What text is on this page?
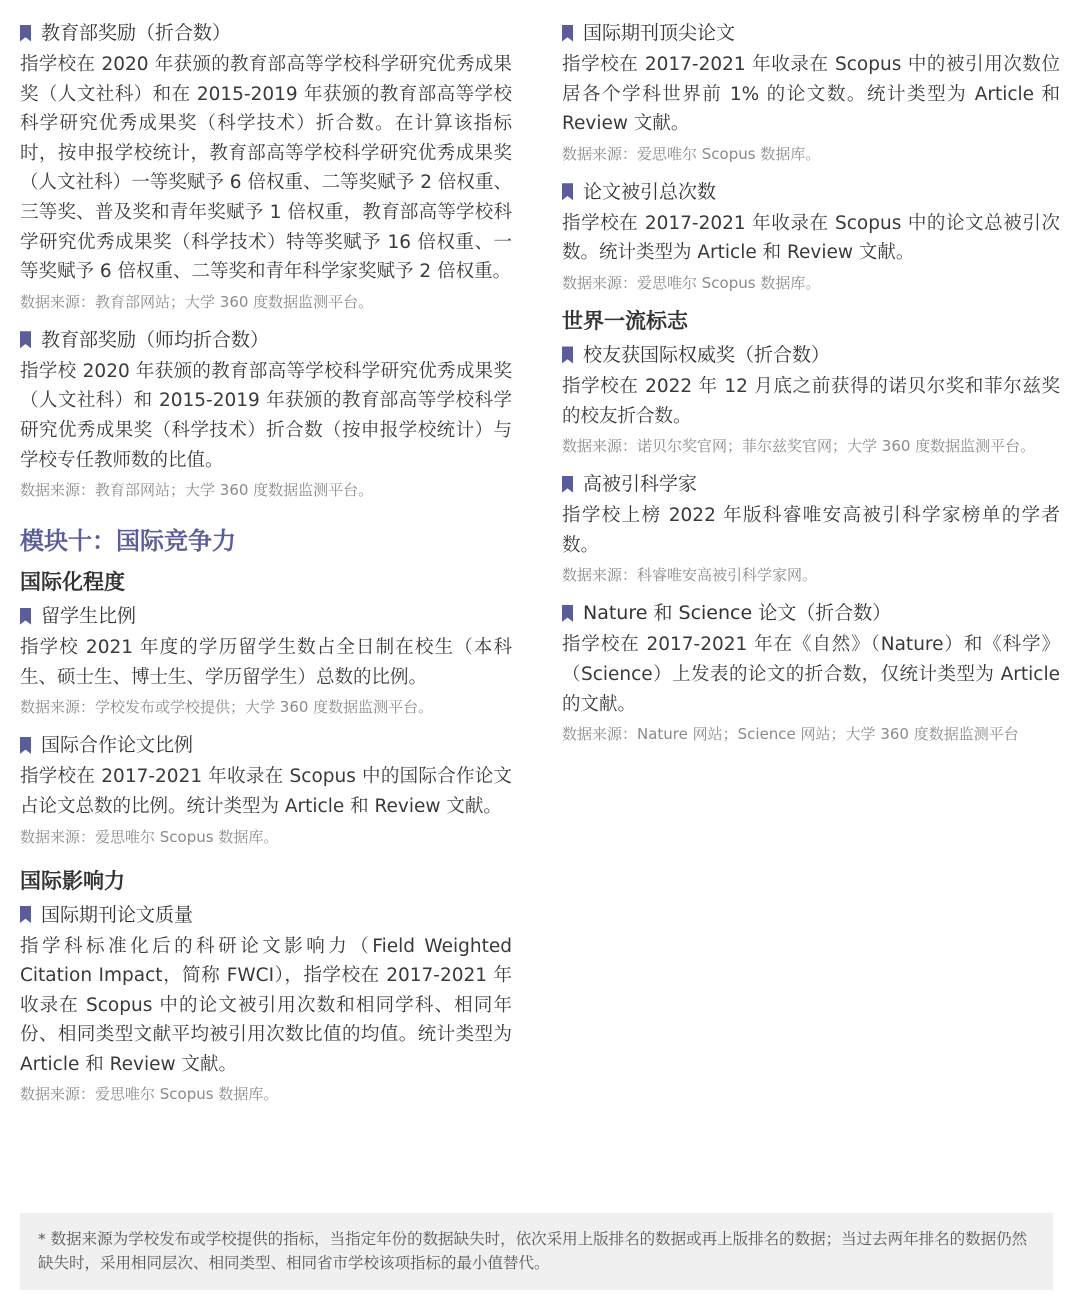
教育部奖励（折合数）

指学校在 2020 年获颁的教育部高等学校科学研究优秀成果奖（人文社科）和在 2015-2019 年获颁的教育部高等学校科学研究优秀成果奖（科学技术）折合数。在计算该指标时，按申报学校统计，教育部高等学校科学研究优秀成果奖（人文社科）一等奖赋予 6 倍权重、二等奖赋予 2 倍权重、三等奖、普及奖和青年奖赋予 1 倍权重，教育部高等学校科学研究优秀成果奖（科学技术）特等奖赋予 16 倍权重、一等奖赋予 6 倍权重、二等奖和青年科学家奖赋予 2 倍权重。

数据来源：教育部网站；大学 360 度数据监测平台。

教育部奖励（师均折合数）

指学校 2020 年获颁的教育部高等学校科学研究优秀成果奖（人文社科）和 2015-2019 年获颁的教育部高等学校科学研究优秀成果奖（科学技术）折合数（按申报学校统计）与学校专任教师数的比值。

数据来源：教育部网站；大学 360 度数据监测平台。

模块十：国际竞争力
国际化程度
留学生比例

指学校 2021 年度的学历留学生数占全日制在校生（本科生、硕士生、博士生、学历留学生）总数的比例。

数据来源：学校发布或学校提供；大学 360 度数据监测平台。

国际合作论文比例

指学校在 2017-2021 年收录在 Scopus 中的国际合作论文占论文总数的比例。统计类型为 Article 和 Review 文献。

数据来源：爱思唯尔 Scopus 数据库。

国际影响力
国际期刊论文质量

指学科标准化后的科研论文影响力（Field Weighted Citation Impact，简称 FWCI），指学校在 2017-2021 年收录在 Scopus 中的论文被引用次数和相同学科、相同年份、相同类型文献平均被引用次数比值的均值。统计类型为 Article 和 Review 文献。

数据来源：爱思唯尔 Scopus 数据库。

国际期刊顶尖论文

指学校在 2017-2021 年收录在 Scopus 中的被引用次数位居各个学科世界前 1% 的论文数。统计类型为 Article 和 Review 文献。

数据来源：爱思唯尔 Scopus 数据库。

论文被引总次数

指学校在 2017-2021 年收录在 Scopus 中的论文总被引次数。统计类型为 Article 和 Review 文献。

数据来源：爱思唯尔 Scopus 数据库。

世界一流标志
校友获国际权威奖（折合数）

指学校在 2022 年 12 月底之前获得的诺贝尔奖和菲尔兹奖的校友折合数。

数据来源：诺贝尔奖官网；菲尔兹奖官网；大学 360 度数据监测平台。

高被引科学家

指学校上榜 2022 年版科睿唯安高被引科学家榜单的学者数。

数据来源：科睿唯安高被引科学家网。

Nature 和 Science 论文（折合数）

指学校在 2017-2021 年在《自然》（Nature）和《科学》（Science）上发表的论文的折合数，仅统计类型为 Article 的文献。

数据来源：Nature 网站；Science 网站；大学 360 度数据监测平台

* 数据来源为学校发布或学校提供的指标，当指定年份的数据缺失时，依次采用上版排名的数据或再上版排名的数据；当过去两年排名的数据仍然缺失时，采用相同层次、相同类型、相同省市学校该项指标的最小值替代。
